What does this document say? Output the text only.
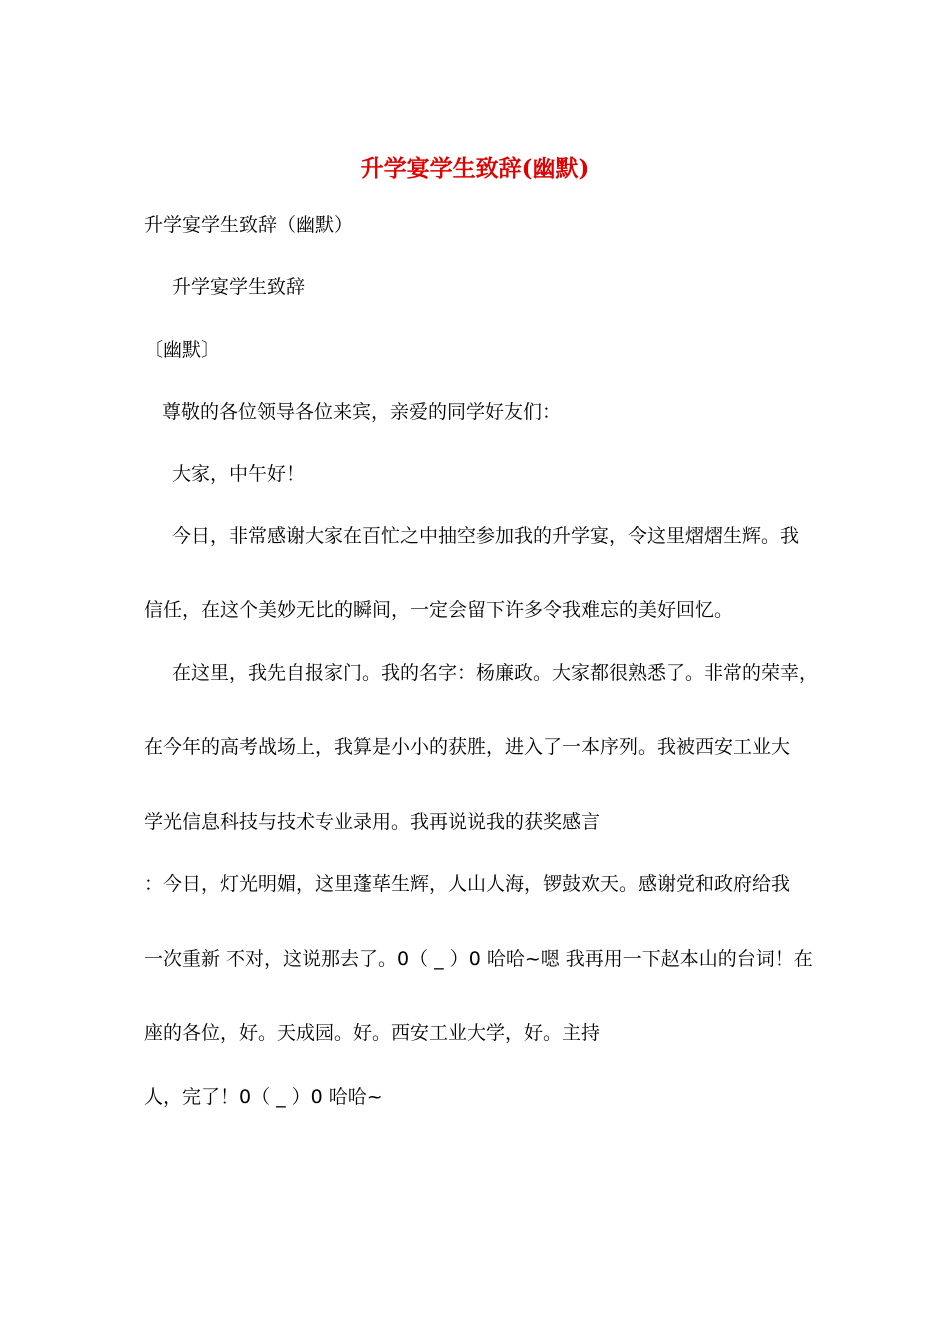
升学宴学生致辞(幽默)
升学宴学生致辞（幽默）
升学宴学生致辞
〔幽默〕
尊敬的各位领导各位来宾，亲爱的同学好友们：
大家，中午好！
今日，非常感谢大家在百忙之中抽空参加我的升学宴，令这里熠熠生辉。我
信任，在这个美妙无比的瞬间，一定会留下许多令我难忘的美好回忆。
在这里，我先自报家门。我的名字：杨廉政。大家都很熟悉了。非常的荣幸，
在今年的高考战场上，我算是小小的获胜，进入了一本序列。我被西安工业大
学光信息科技与技术专业录用。我再说说我的获奖感言
：今日，灯光明媚，这里蓬荜生辉，人山人海，锣鼓欢天。感谢党和政府给我
一次重新 不对，这说那去了。0（ _ ）0 哈哈~嗯 我再用一下赵本山的台词！在
座的各位，好。天成园。好。西安工业大学，好。主持
人，完了！0（ _ ）0 哈哈~
